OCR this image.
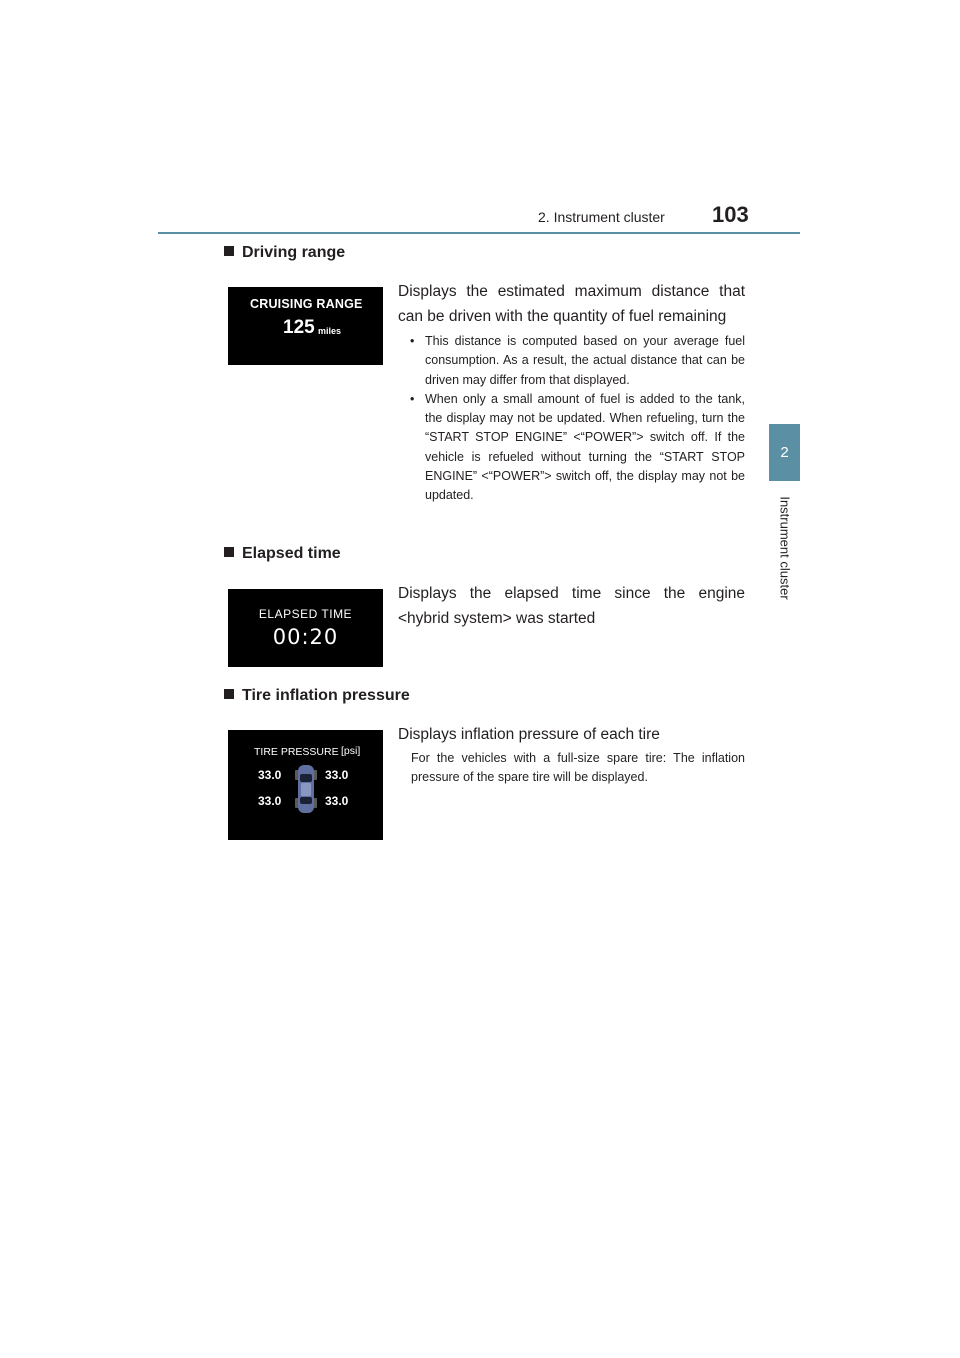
2. Instrument cluster 103
2
Instrument cluster
Driving range
CRUISING RANGE
125 miles
Displays the estimated maximum distance that can be driven with the quantity of fuel remaining
• This distance is computed based on your average fuel consumption. As a result, the actual distance that can be driven may differ from that displayed.
• When only a small amount of fuel is added to the tank, the display may not be updated. When refueling, turn the “START STOP ENGINE” <“POWER”> switch off. If the vehicle is refueled without turning the “START STOP ENGINE” <“POWER”> switch off, the display may not be updated.
Elapsed time
ELAPSED TIME
00:20
Displays the elapsed time since the engine <hybrid system> was started
Tire inflation pressure
Displays inflation pressure of each tire
For the vehicles with a full-size spare tire: The inflation pressure of the spare tire will be displayed.
TIRE PRESSURE [psi]
33.0	33.0
33.0	33.0
